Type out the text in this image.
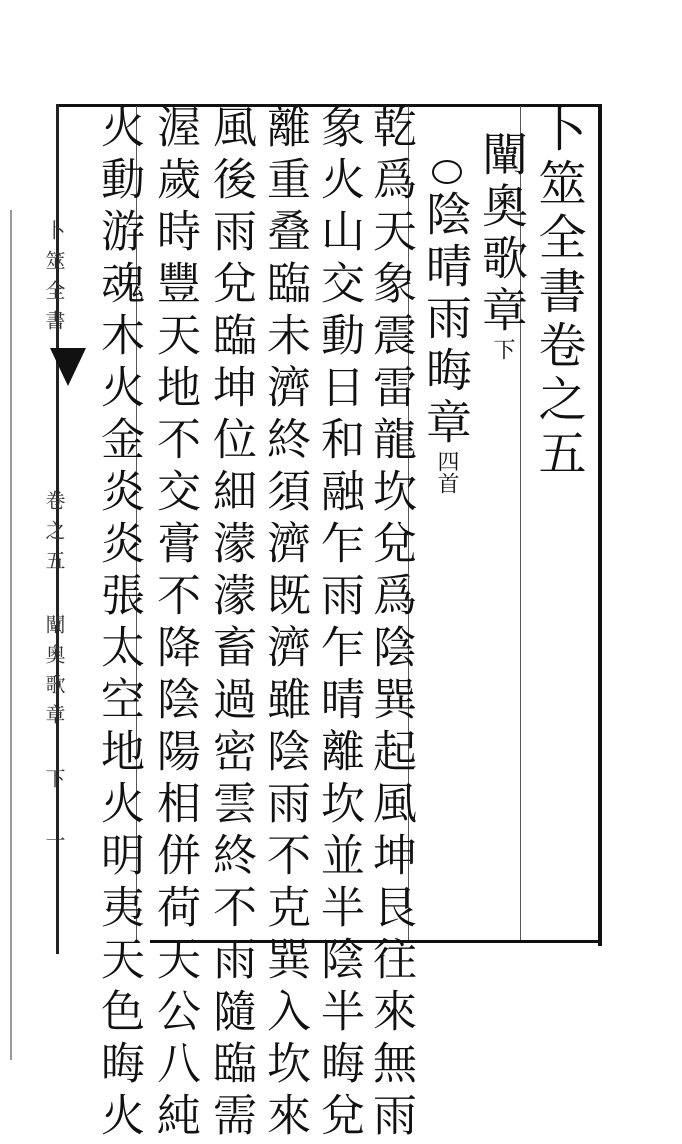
卜筮全書卷之五
闡奧歌章下
陰晴雨晦章四首
乾爲天象震雷龍坎兌爲陰巽起風坤艮往來無雨
象火山交動日和融乍雨乍晴離坎並半陰半晦兌
離重叠臨未濟終須濟既濟雖陰雨不克巽入坎來
風後雨兌臨坤位細濛濛畜過密雲終不雨隨臨需
渥歲時豐天地不交膏不降陰陽相併荷天公八純
火動游魂木火金炎炎張太空地火明夷天色晦火
卜筮全書
卷之五 闡奧歌章 下
一
